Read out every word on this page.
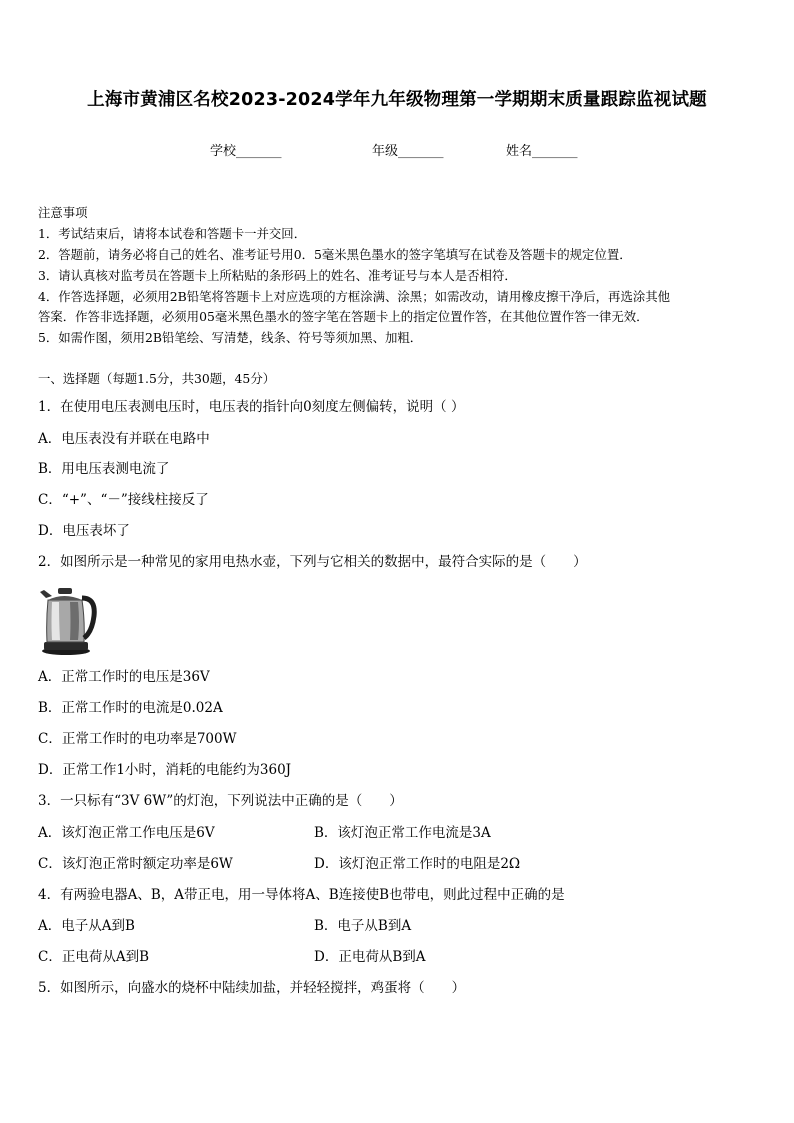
上海市黄浦区名校2023-2024学年九年级物理第一学期期末质量跟踪监视试题
学校_______	年级_______	姓名_______
注意事项
1．考试结束后，请将本试卷和答题卡一并交回．
2．答题前，请务必将自己的姓名、准考证号用0．5毫米黑色墨水的签字笔填写在试卷及答题卡的规定位置．
3．请认真核对监考员在答题卡上所粘贴的条形码上的姓名、准考证号与本人是否相符．
4．作答选择题，必须用2B铅笔将答题卡上对应选项的方框涂满、涂黑；如需改动，请用橡皮擦干净后，再选涂其他
答案．作答非选择题，必须用05毫米黑色墨水的签字笔在答题卡上的指定位置作答，在其他位置作答一律无效．
5．如需作图，须用2B铅笔绘、写清楚，线条、符号等须加黑、加粗．
一、选择题（每题1.5分，共30题，45分）
1．在使用电压表测电压时，电压表的指针向0刻度左侧偏转，说明（ ）
A．电压表没有并联在电路中
B．用电压表测电流了
C．“+”、“－”接线柱接反了
D．电压表坏了
2．如图所示是一种常见的家用电热水壶，下列与它相关的数据中，最符合实际的是（　　）
A．正常工作时的电压是36V
B．正常工作时的电流是0.02A
C．正常工作时的电功率是700W
D．正常工作1小时，消耗的电能约为360J
3．一只标有“3V 6W”的灯泡，下列说法中正确的是（　　）
A．该灯泡正常工作电压是6V	B．该灯泡正常工作电流是3A
C．该灯泡正常时额定功率是6W	D．该灯泡正常工作时的电阻是2Ω
4．有两验电器A、B，A带正电，用一导体将A、B连接使B也带电，则此过程中正确的是
A．电子从A到B	B．电子从B到A
C．正电荷从A到B	D．正电荷从B到A
5．如图所示，向盛水的烧杯中陆续加盐，并轻轻搅拌，鸡蛋将（　　）
